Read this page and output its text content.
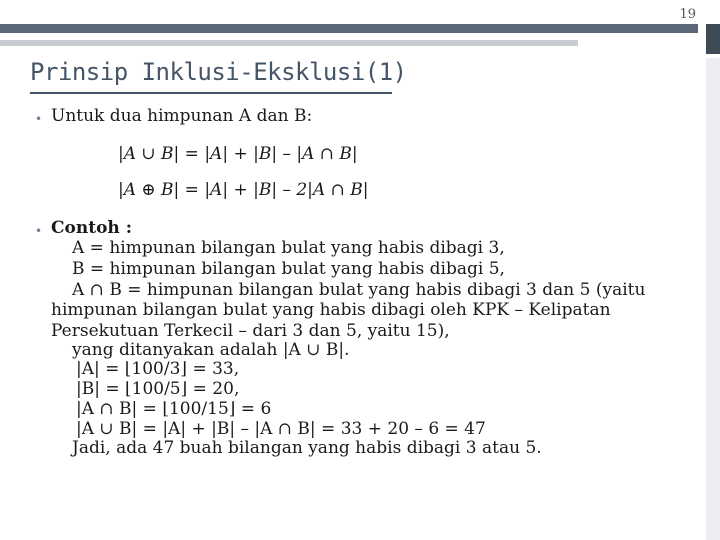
19
Prinsip Inklusi-Eksklusi(1)
• Untuk dua himpunan A dan B:
|A ∪ B| = |A| + |B| – |A ∩ B|
|A ⊕ B| = |A| + |B| – 2|A ∩ B|
• Contoh :
A = himpunan bilangan bulat yang habis dibagi 3,
B = himpunan bilangan bulat yang habis dibagi 5,
A ∩ B = himpunan bilangan bulat yang habis dibagi 3 dan 5 (yaitu
himpunan bilangan bulat yang habis dibagi oleh KPK – Kelipatan
Persekutuan Terkecil – dari 3 dan 5, yaitu 15),
yang ditanyakan adalah |A ∪ B|.
|A| = ⌊100/3⌋ = 33,
|B| = ⌊100/5⌋ = 20,
|A ∩ B| = ⌊100/15⌋ = 6
|A ∪ B| = |A| + |B| – |A ∩ B| = 33 + 20 – 6 = 47
Jadi, ada 47 buah bilangan yang habis dibagi 3 atau 5.
